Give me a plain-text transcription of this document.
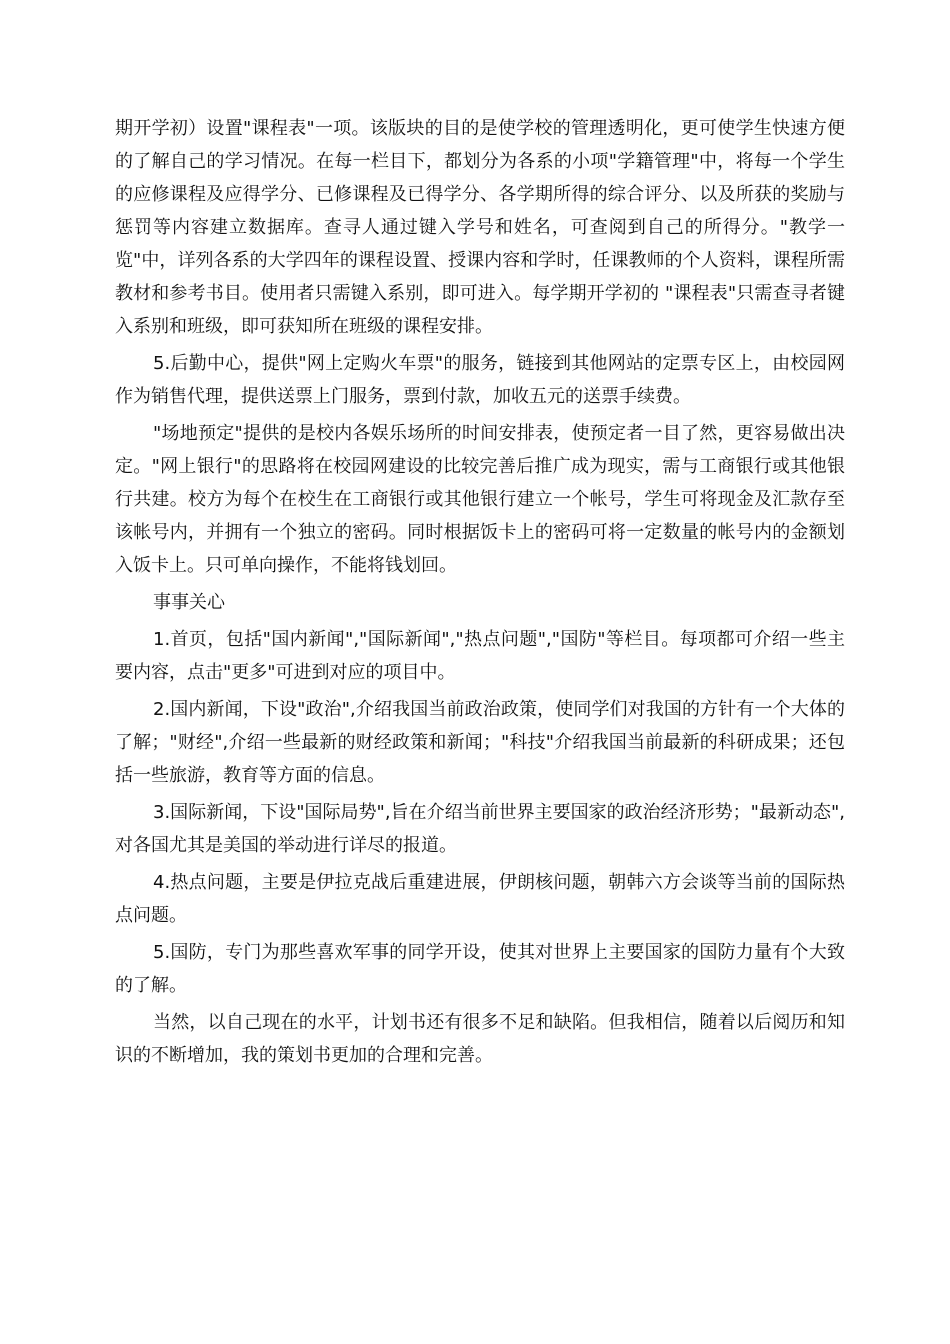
期开学初）设置"课程表"一项。该版块的目的是使学校的管理透明化，更可使学生快速方便的了解自己的学习情况。在每一栏目下，都划分为各系的小项"学籍管理"中，将每一个学生的应修课程及应得学分、已修课程及已得学分、各学期所得的综合评分、以及所获的奖励与惩罚等内容建立数据库。查寻人通过键入学号和姓名，可查阅到自己的所得分。"教学一览"中，详列各系的大学四年的课程设置、授课内容和学时，任课教师的个人资料，课程所需教材和参考书目。使用者只需键入系别，即可进入。每学期开学初的 "课程表"只需查寻者键入系别和班级，即可获知所在班级的课程安排。

5.后勤中心，提供"网上定购火车票"的服务，链接到其他网站的定票专区上，由校园网作为销售代理，提供送票上门服务，票到付款，加收五元的送票手续费。

"场地预定"提供的是校内各娱乐场所的时间安排表，使预定者一目了然，更容易做出决定。"网上银行"的思路将在校园网建设的比较完善后推广成为现实，需与工商银行或其他银行共建。校方为每个在校生在工商银行或其他银行建立一个帐号，学生可将现金及汇款存至该帐号内，并拥有一个独立的密码。同时根据饭卡上的密码可将一定数量的帐号内的金额划入饭卡上。只可单向操作，不能将钱划回。

事事关心

1.首页，包括"国内新闻","国际新闻","热点问题","国防"等栏目。每项都可介绍一些主要内容，点击"更多"可进到对应的项目中。

2.国内新闻，下设"政治",介绍我国当前政治政策，使同学们对我国的方针有一个大体的了解；"财经",介绍一些最新的财经政策和新闻；"科技"介绍我国当前最新的科研成果；还包括一些旅游，教育等方面的信息。

3.国际新闻，下设"国际局势",旨在介绍当前世界主要国家的政治经济形势；"最新动态",对各国尤其是美国的举动进行详尽的报道。

4.热点问题，主要是伊拉克战后重建进展，伊朗核问题，朝韩六方会谈等当前的国际热点问题。

5.国防，专门为那些喜欢军事的同学开设，使其对世界上主要国家的国防力量有个大致的了解。

当然，以自己现在的水平，计划书还有很多不足和缺陷。但我相信，随着以后阅历和知识的不断增加，我的策划书更加的合理和完善。
